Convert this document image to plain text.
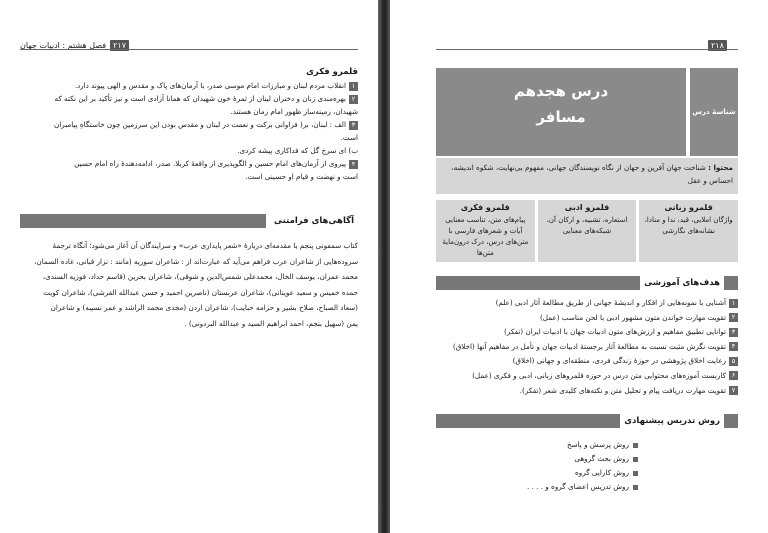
۲۱۷
فصل هشتم : ادبیات جهان
قلمرو فکری
۱انقلاب مردم لبنان و مبارزات امام موسی صدر، با آرمان‌های پاک و مقدس و الهی پیوند دارد.
۲بهره‌مندی زنان و دختران لبنان از ثمرهٔ خون شهیدان که همانا آزادی است و نیز تأکید بر این نکته که
شهیدان، زمینه‌ساز ظهور امام زمان هستند.
۳الف : لبنان، بر( فراوانی برکت و نعمت در لبنان و مقدس بودن این سرزمین چون خاستگاهِ پیامبران
است.
ب) ای سرخ گل که فداکاری پیشه کردی.
۴پیروی از آرمان‌های امام حسین و الگوپذیری از واقعهٔ کربلا. صدر، ادامه‌دهندهٔ راه امام حسین
است و نهضت و قیام او حسینی است.
آگاهی‌های فرامتنی
کتاب سمفونی پنجم یا مقدمه‌ای دربارهٔ «شعر پایداری عرب» و سرایندگان آن آغاز می‌شود؛ آنگاه ترجمهٔ
سروده‌هایی از شاعران عرب فراهم می‌آید که عبارت‌اند از : شاعران سوریه (مانند : نزار قبانی، غاده السمان،
محمد عمران، یوسف الخال، محمدعلی شمس‌الدین و شوقی)، شاعران بحرین (قاسم حداد، فوزیه السندی،
حمده خمیس و سعید عوینانی)، شاعران عربستان (ناصرین احمید و حسن عبدالله القرشی)، شاعران کویت
(سعاد الصباح، صلاح بشیر و حزامه حبایب)، شاعران اردن (مجدی محمد الراشد و عمر نسیبه) و شاعران
یمن (سهیل بنجم، احمد ابراهیم السید و عبدالله البردونی) .
۲۱۸
درس هجدهم
مسافر	شناسهٔ درس
محتوا : شناخت جهان آفرین و جهان از نگاه نویسندگان جهانی، مفهوم بی‌نهایت، شکوه اندیشه، احساس و عقل
قلمرو زبانی
واژگان املایی، قید، ندا و منادا، نشانه‌های نگارشی
قلمرو ادبی
استعاره، تشبیه، و ارکان آن، شبکه‌های معنایی
قلمرو فکری
پیام‌های متن، تناسب معنایی آیات و شعرهای فارسی با متن‌های درس، درک درون‌مایهٔ متن‌ها
هدف‌های آموزشی
۱آشنایی با نمونه‌هایی از افکار و اندیشهٔ جهانی از طریق مطالعهٔ آثار ادبی (علم)
۲تقویت مهارت خواندن متون مشهور ادبی با لحن مناسب (عمل)
۳توانایی تطبیق مفاهیم و ارزش‌های متون ادبیات جهان با ادبیات ایران (تفکر)
۴تقویت نگرش مثبت نسبت به مطالعهٔ آثار برجستهٔ ادبیات جهان و تأمل در مفاهیم آنها (اخلاق)
۵رعایت اخلاق پژوهشی در حوزهٔ زندگی فردی، منطقه‌ای و جهانی (اخلاق)
۶کاربست آموزه‌های محتوایی متن درس در حوزه قلمروهای زبانی، ادبی و فکری (عمل)
۷تقویت مهارت دریافت پیام و تحلیل متن و نکته‌های کلیدی شعر (تفکر).
روش تدریس پیشنهادی
روش پرسش و پاسخ
روش بحث گروهی
روش کارایی گروه
روش تدریس اعضای گروه و . . . .
